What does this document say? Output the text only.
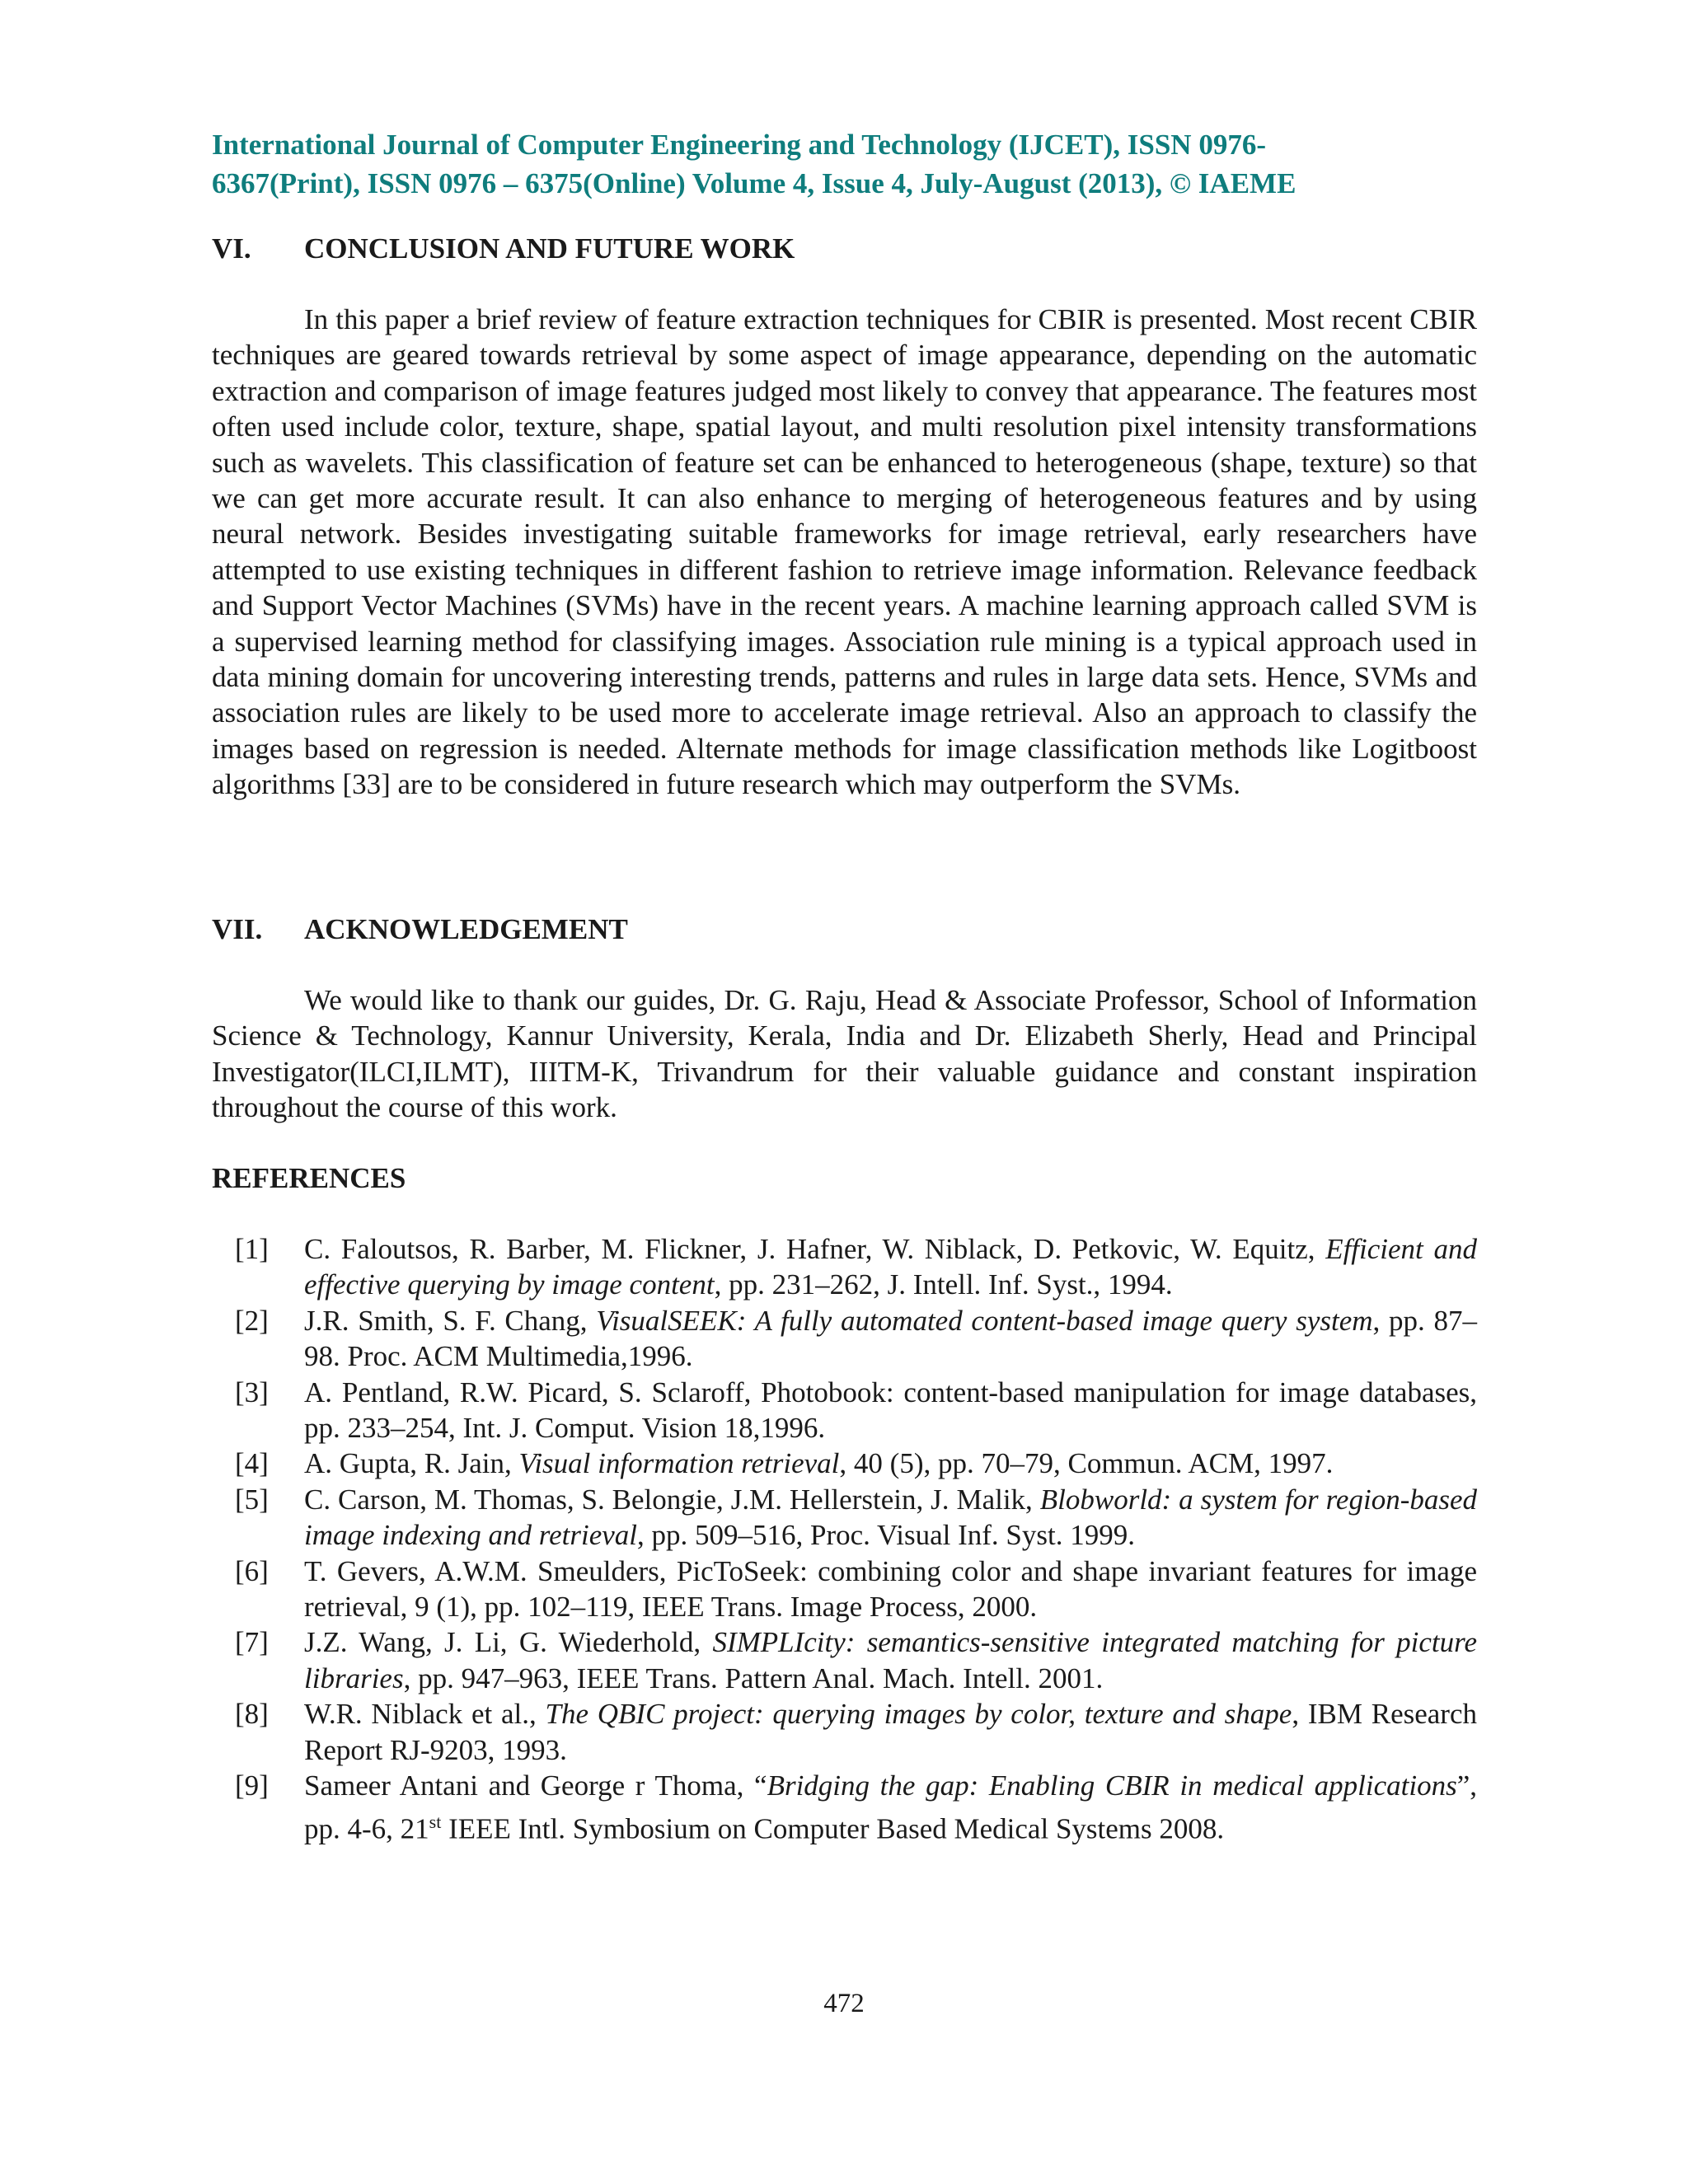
International Journal of Computer Engineering and Technology (IJCET), ISSN 0976-
6367(Print), ISSN 0976 – 6375(Online) Volume 4, Issue 4, July-August (2013), © IAEME
VI.	CONCLUSION AND FUTURE WORK

In this paper a brief review of feature extraction techniques for CBIR is presented. Most recent CBIR techniques are geared towards retrieval by some aspect of image appearance, depending on the automatic extraction and comparison of image features judged most likely to convey that appearance. The features most often used include color, texture, shape, spatial layout, and multi resolution pixel intensity transformations such as wavelets. This classification of feature set can be enhanced to heterogeneous (shape, texture) so that we can get more accurate result. It can also enhance to merging of heterogeneous features and by using neural network. Besides investigating suitable frameworks for image retrieval, early researchers have attempted to use existing techniques in different fashion to retrieve image information. Relevance feedback and Support Vector Machines (SVMs) have in the recent years. A machine learning approach called SVM is a supervised learning method for classifying images. Association rule mining is a typical approach used in data mining domain for uncovering interesting trends, patterns and rules in large data sets. Hence, SVMs and association rules are likely to be used more to accelerate image retrieval. Also an approach to classify the images based on regression is needed. Alternate methods for image classification methods like Logitboost algorithms [33] are to be considered in future research which may outperform the SVMs.

VII.	ACKNOWLEDGEMENT

We would like to thank our guides, Dr. G. Raju, Head & Associate Professor, School of Information Science & Technology, Kannur University, Kerala, India and Dr. Elizabeth Sherly, Head and Principal Investigator(ILCI,ILMT), IIITM-K, Trivandrum for their valuable guidance and constant inspiration throughout the course of this work.

REFERENCES
[1] C. Faloutsos, R. Barber, M. Flickner, J. Hafner, W. Niblack, D. Petkovic, W. Equitz, Efficient and effective querying by image content, pp. 231–262, J. Intell. Inf. Syst., 1994.
[2] J.R. Smith, S. F. Chang, VisualSEEK: A fully automated content-based image query system, pp. 87–98. Proc. ACM Multimedia,1996.
[3] A. Pentland, R.W. Picard, S. Sclaroff, Photobook: content-based manipulation for image databases, pp. 233–254, Int. J. Comput. Vision 18,1996.
[4] A. Gupta, R. Jain, Visual information retrieval, 40 (5), pp. 70–79, Commun. ACM, 1997.
[5] C. Carson, M. Thomas, S. Belongie, J.M. Hellerstein, J. Malik, Blobworld: a system for region-based image indexing and retrieval, pp. 509–516, Proc. Visual Inf. Syst. 1999.
[6] T. Gevers, A.W.M. Smeulders, PicToSeek: combining color and shape invariant features for image retrieval, 9 (1), pp. 102–119, IEEE Trans. Image Process, 2000.
[7] J.Z. Wang, J. Li, G. Wiederhold, SIMPLIcity: semantics-sensitive integrated matching for picture libraries, pp. 947–963, IEEE Trans. Pattern Anal. Mach. Intell. 2001.
[8] W.R. Niblack et al., The QBIC project: querying images by color, texture and shape, IBM Research Report RJ-9203, 1993.
[9] Sameer Antani and George r Thoma, “Bridging the gap: Enabling CBIR in medical applications”, pp. 4-6, 21st IEEE Intl. Symbosium on Computer Based Medical Systems 2008.
472
